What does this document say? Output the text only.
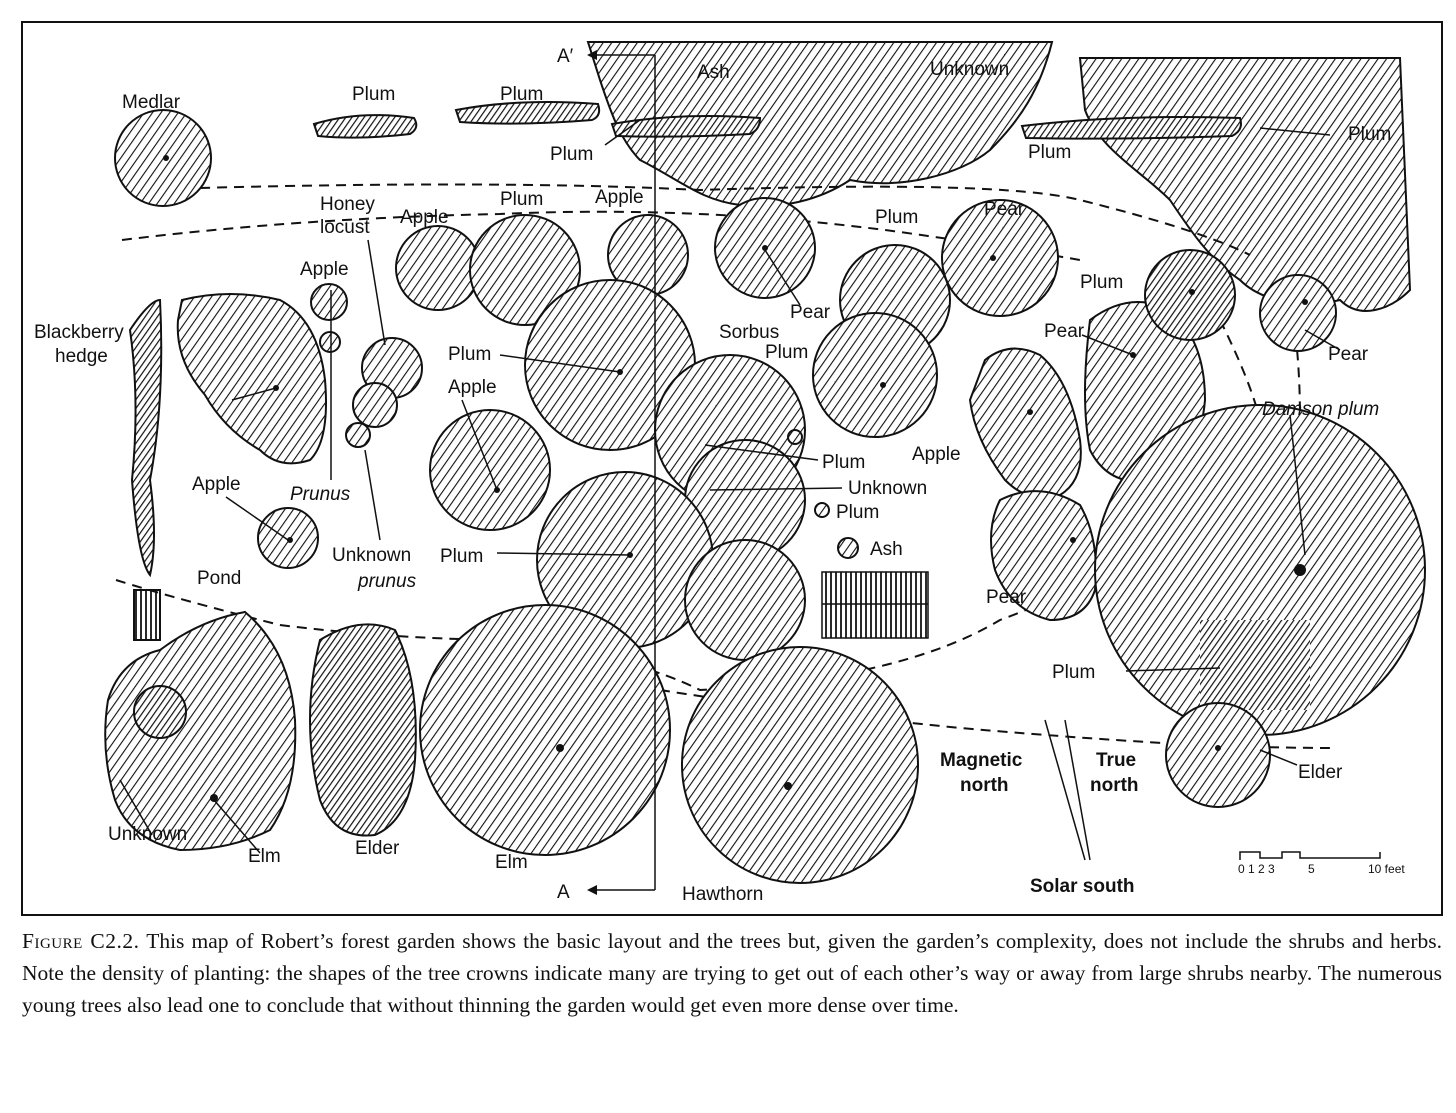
Medlar	Plum	Plum
Plum
Ash	Unknown
Plum
Plum
Honey
locust Apple
Plum	Apple
Plum	Pear
Apple
Blackberry
hedge
Pear
Sorbus
Plum
Plum
Apple
Plum
Pear
Pear
Damson plum
Apple	Prunus
Plum
Unknown
Plum
Apple
Unknown
prunus
Plum	Ash
Pond
Pear
Plum
Magnetic
north
True
north
Elder
Unknown
Elm	Elder
Elm
A
A′
Hawthorn	Solar south
0 1 2 3	5	10 feet
Figure C2.2. This map of Robert’s forest garden shows the basic layout and the trees but, given the garden’s complexity, does not include the shrubs and herbs. Note the density of planting: the shapes of the tree crowns indicate many are trying to get out of each other’s way or away from large shrubs nearby. The numerous young trees also lead one to conclude that without thinning the garden would get even more dense over time.
